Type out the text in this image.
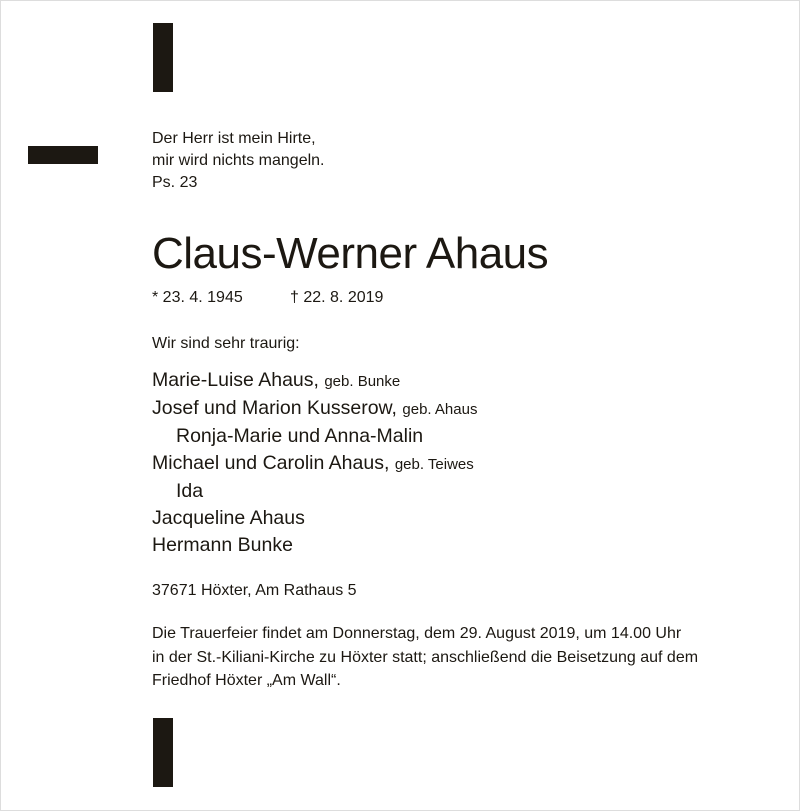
Der Herr ist mein Hirte,
mir wird nichts mangeln.
Ps. 23
Claus-Werner Ahaus
* 23. 4. 1945	† 22. 8. 2019
Wir sind sehr traurig:
Marie-Luise Ahaus, geb. Bunke
Josef und Marion Kusserow, geb. Ahaus
Ronja-Marie und Anna-Malin
Michael und Carolin Ahaus, geb. Teiwes
Ida
Jacqueline Ahaus
Hermann Bunke
37671 Höxter, Am Rathaus 5
Die Trauerfeier findet am Donnerstag, dem 29. August 2019, um 14.00 Uhr
in der St.-Kiliani-Kirche zu Höxter statt; anschließend die Beisetzung auf dem
Friedhof Höxter „Am Wall“.
